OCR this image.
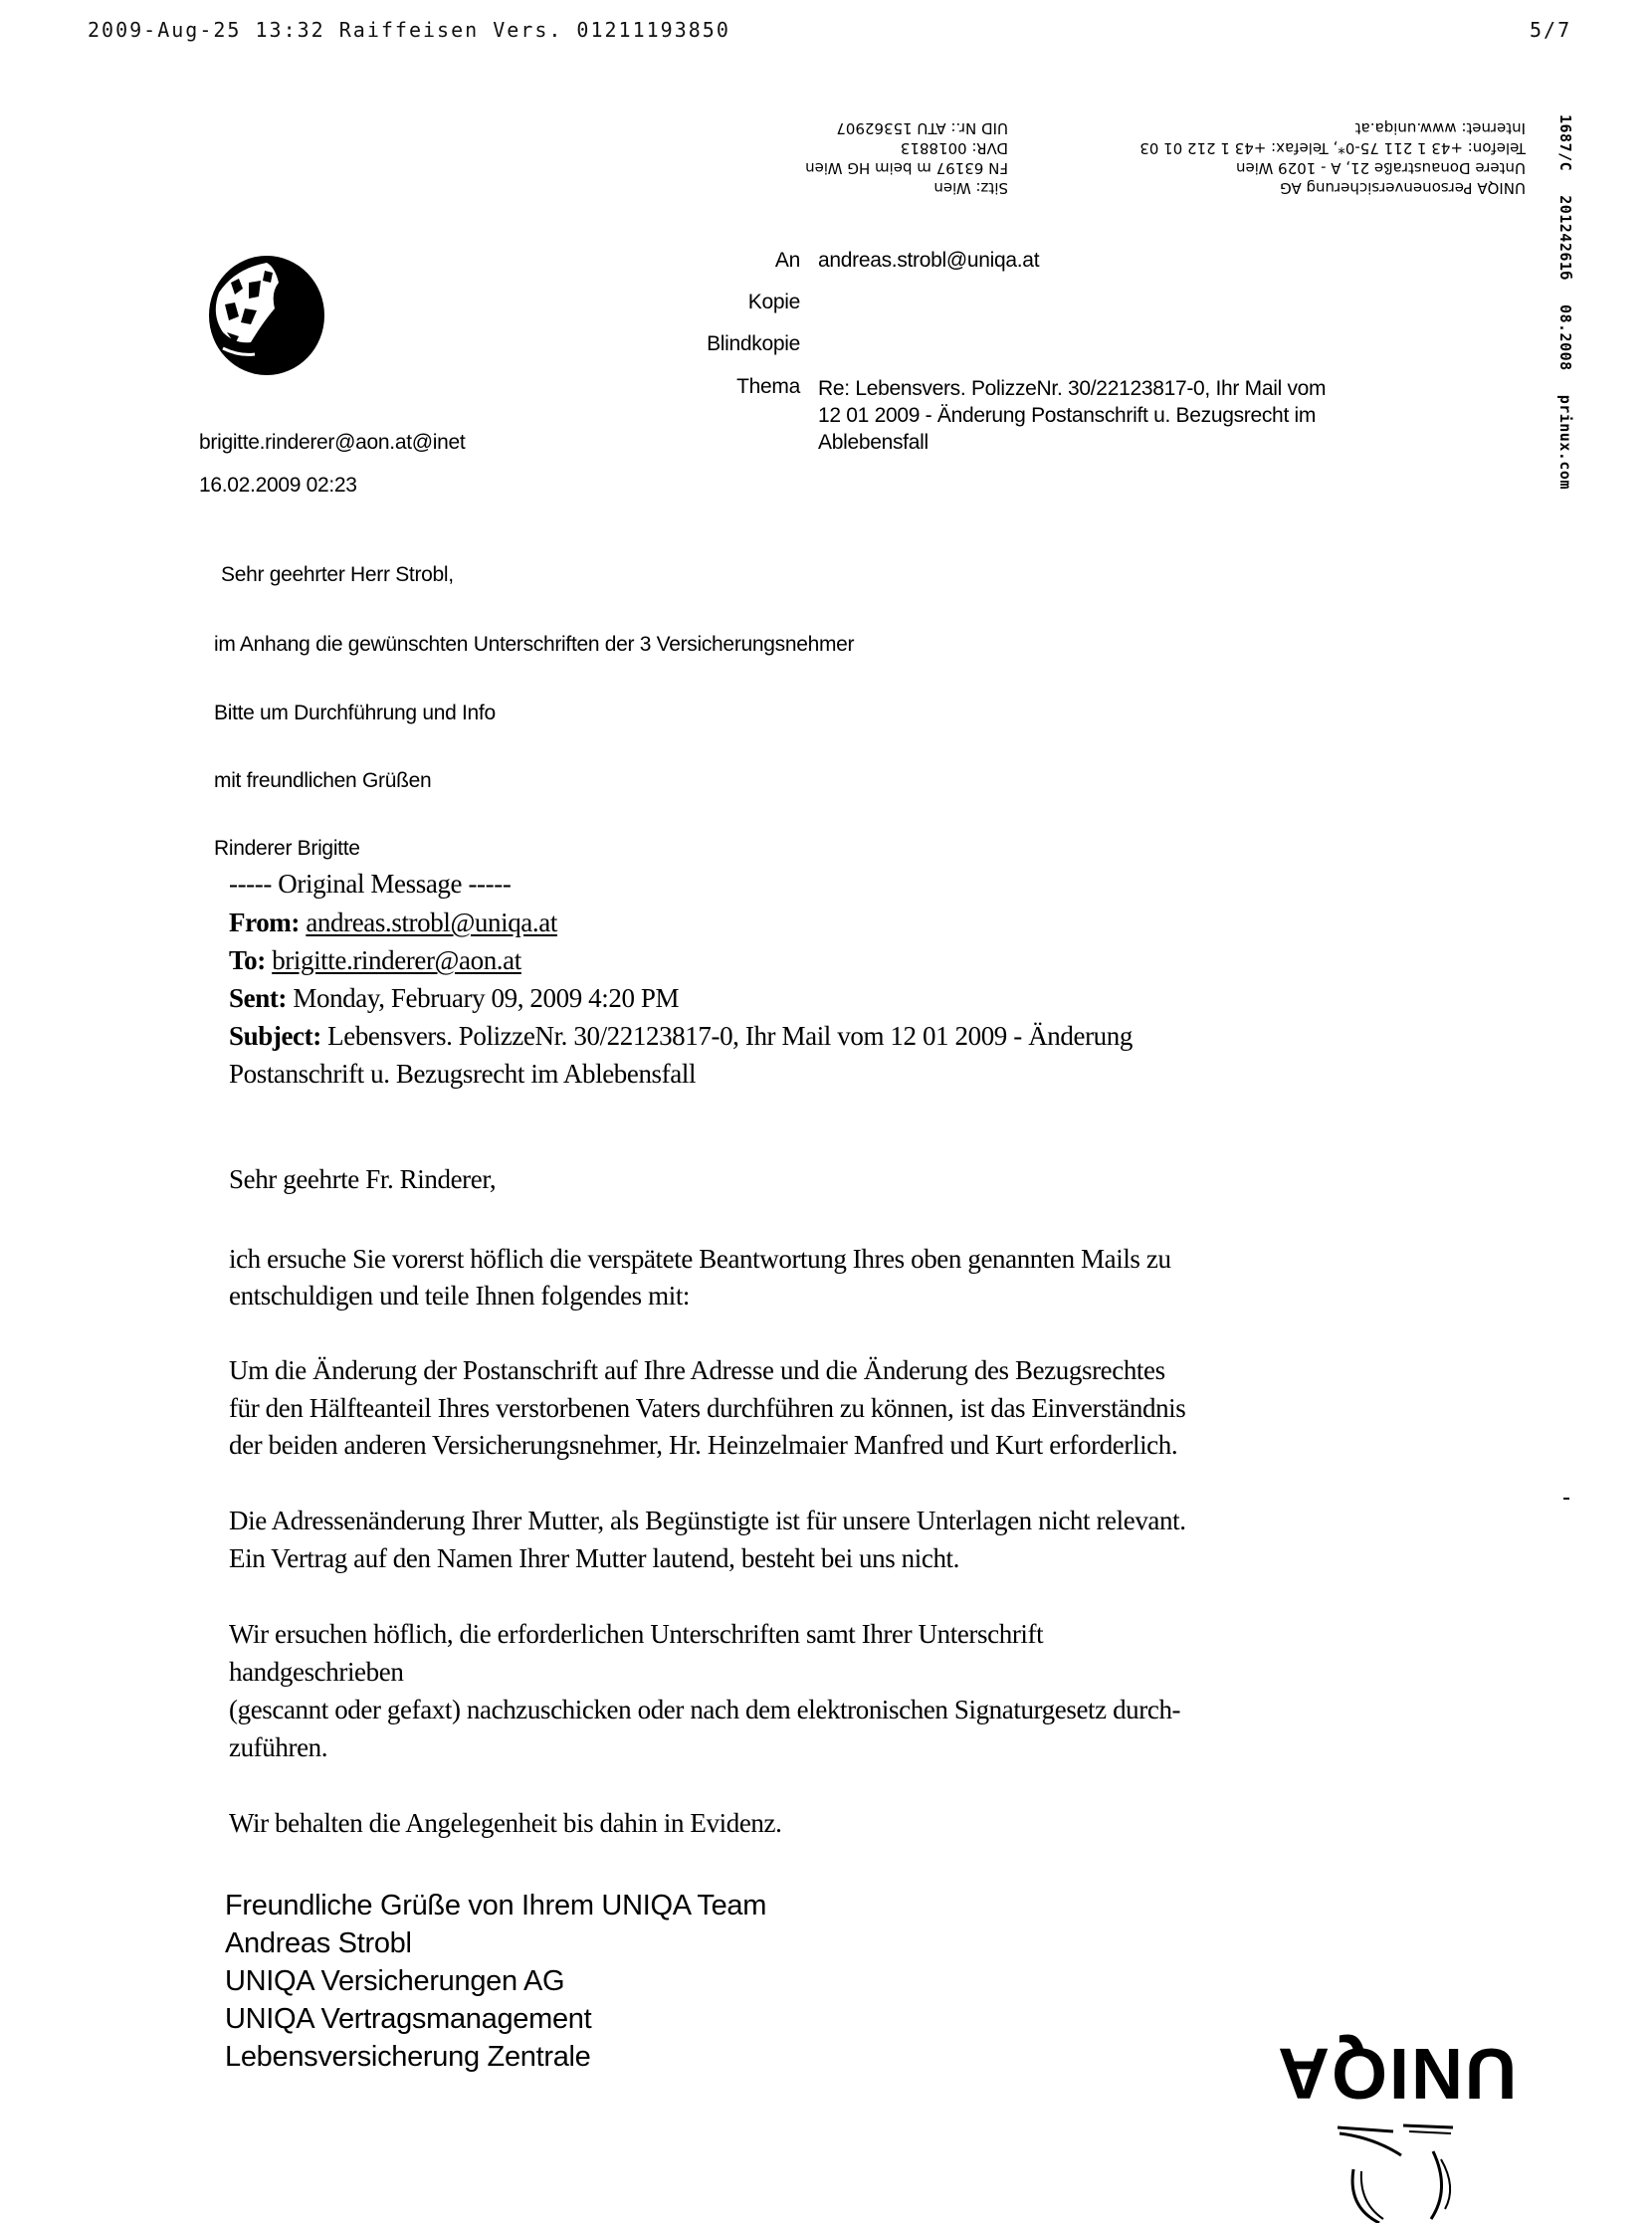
2009-Aug-25 13:32 Raiffeisen Vers. 01211193850	5/7
Sitz: Wien
FN 63197 m beim HG Wien
DVR: 0018813
UID Nr.: ATU 15362907
UNIQA Personenversicherung AG
Untere Donaustraße 21, A - 1029 Wien
Telefon: +43 1 211 75-0*, Telefax: +43 1 212 01 03
Internet: www.uniqa.at 1687/C20124261б08.2008prinux.com
brigitte.rinderer@aon.at@inet
16.02.2009 02:23
An andreas.strobl@uniqa.at
Kopie
Blindkopie
Thema Re: Lebensvers. PolizzeNr. 30/22123817-0, Ihr Mail vom
12 01 2009 - Änderung Postanschrift u. Bezugsrecht im
Ablebensfall
Sehr geehrter Herr Strobl,
im Anhang die gewünschten Unterschriften der 3 Versicherungsnehmer
Bitte um Durchführung und Info
mit freundlichen Grüßen
Rinderer Brigitte
----- Original Message -----
From: andreas.strobl@uniqa.at
To: brigitte.rinderer@aon.at
Sent: Monday, February 09, 2009 4:20 PM
Subject: Lebensvers. PolizzeNr. 30/22123817-0, Ihr Mail vom 12 01 2009 - Änderung
Postanschrift u. Bezugsrecht im Ablebensfall
Sehr geehrte Fr. Rinderer,
ich ersuche Sie vorerst höflich die verspätete Beantwortung Ihres oben genannten Mails zu
entschuldigen und teile Ihnen folgendes mit:
Um die Änderung der Postanschrift auf Ihre Adresse und die Änderung des Bezugsrechtes
für den Hälfteanteil Ihres verstorbenen Vaters durchführen zu können, ist das Einverständnis
der beiden anderen Versicherungsnehmer, Hr. Heinzelmaier Manfred und Kurt erforderlich.
Die Adressenänderung Ihrer Mutter, als Begünstigte ist für unsere Unterlagen nicht relevant.
Ein Vertrag auf den Namen Ihrer Mutter lautend, besteht bei uns nicht.
Wir ersuchen höflich, die erforderlichen Unterschriften samt Ihrer Unterschrift
handgeschrieben
(gescannt oder gefaxt) nachzuschicken oder nach dem elektronischen Signaturgesetz durch-
zuführen.
Wir behalten die Angelegenheit bis dahin in Evidenz.
Freundliche Grüße von Ihrem UNIQA Team
Andreas Strobl
UNIQA Versicherungen AG
UNIQA Vertragsmanagement
Lebensversicherung Zentrale	UNIQA
